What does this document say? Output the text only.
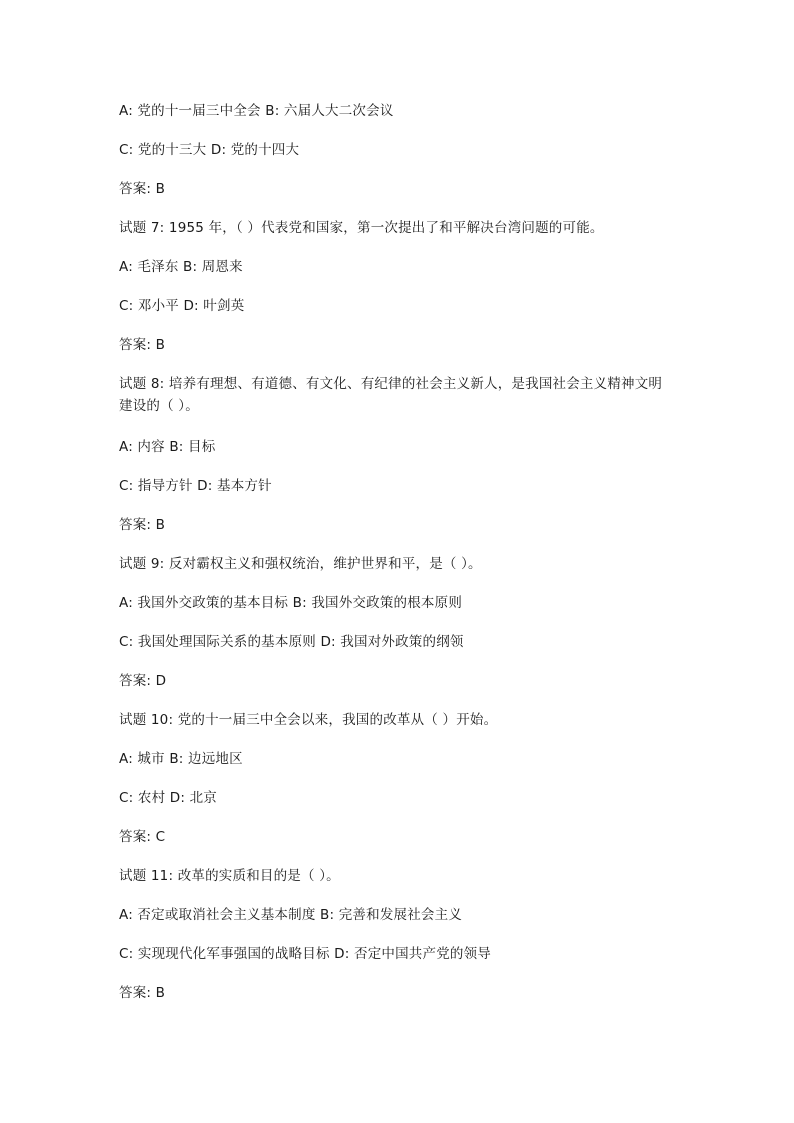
A: 党的十一届三中全会 B: 六届人大二次会议
C: 党的十三大 D: 党的十四大
答案: B
试题 7: 1955 年，（ ）代表党和国家，第一次提出了和平解决台湾问题的可能。
A: 毛泽东 B: 周恩来
C: 邓小平 D: 叶剑英
答案: B
试题 8: 培养有理想、有道德、有文化、有纪律的社会主义新人，是我国社会主义精神文明建设的（ ）。
A: 内容 B: 目标
C: 指导方针 D: 基本方针
答案: B
试题 9: 反对霸权主义和强权统治，维护世界和平，是（ ）。
A: 我国外交政策的基本目标 B: 我国外交政策的根本原则
C: 我国处理国际关系的基本原则 D: 我国对外政策的纲领
答案: D
试题 10: 党的十一届三中全会以来，我国的改革从（ ）开始。
A: 城市 B: 边远地区
C: 农村 D: 北京
答案: C
试题 11: 改革的实质和目的是（ ）。
A: 否定或取消社会主义基本制度 B: 完善和发展社会主义
C: 实现现代化军事强国的战略目标 D: 否定中国共产党的领导
答案: B
